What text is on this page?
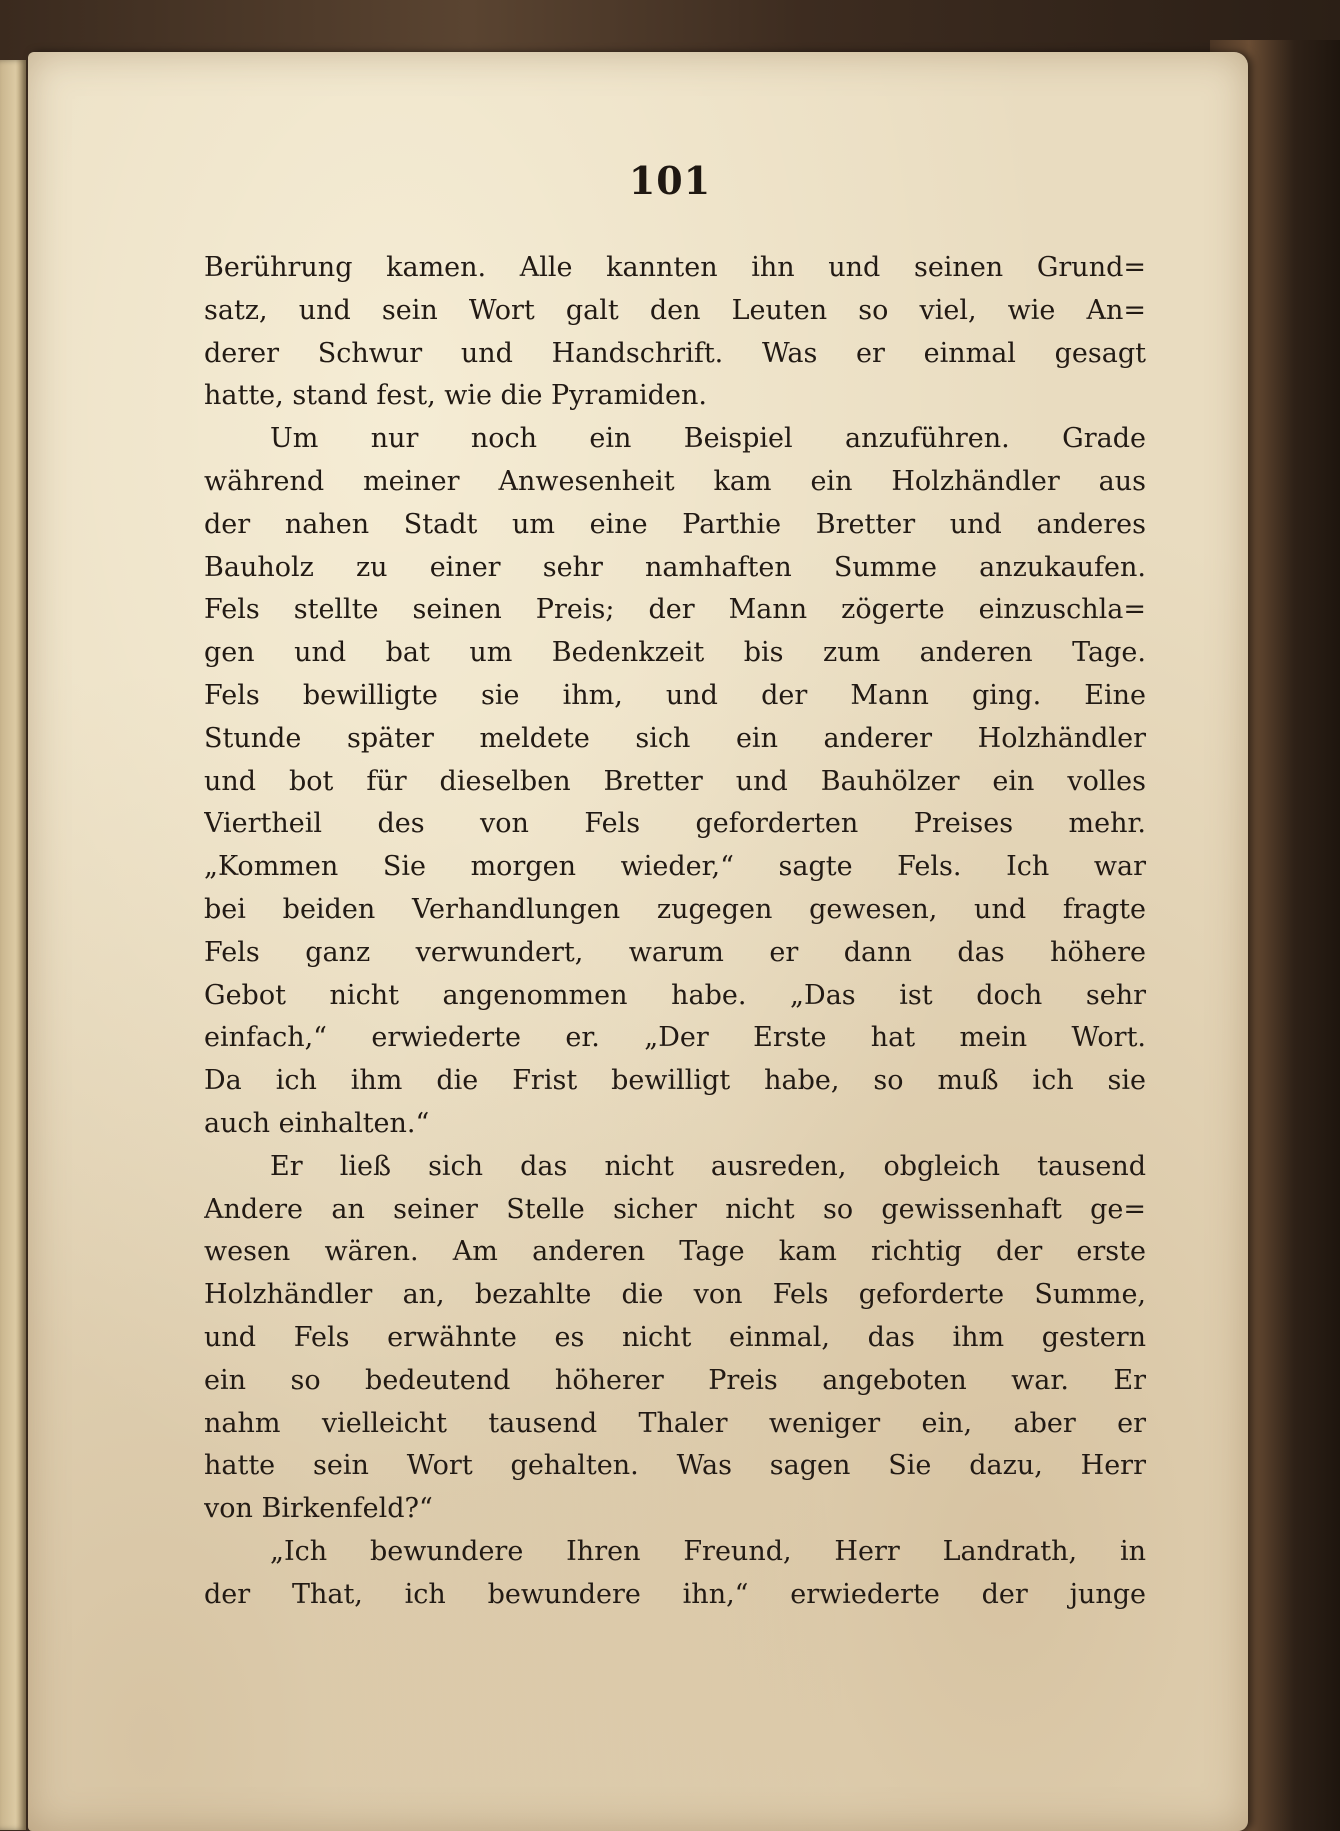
101
Berührung kamen. Alle kannten ihn und seinen Grund=
satz, und sein Wort galt den Leuten so viel, wie An=
derer Schwur und Handschrift. Was er einmal gesagt
hatte, stand fest, wie die Pyramiden.
Um nur noch ein Beispiel anzuführen. Grade
während meiner Anwesenheit kam ein Holzhändler aus
der nahen Stadt um eine Parthie Bretter und anderes
Bauholz zu einer sehr namhaften Summe anzukaufen.
Fels stellte seinen Preis; der Mann zögerte einzuschla=
gen und bat um Bedenkzeit bis zum anderen Tage.
Fels bewilligte sie ihm, und der Mann ging. Eine
Stunde später meldete sich ein anderer Holzhändler
und bot für dieselben Bretter und Bauhölzer ein volles
Viertheil des von Fels geforderten Preises mehr.
„Kommen Sie morgen wieder,“ sagte Fels. Ich war
bei beiden Verhandlungen zugegen gewesen, und fragte
Fels ganz verwundert, warum er dann das höhere
Gebot nicht angenommen habe. „Das ist doch sehr
einfach,“ erwiederte er. „Der Erste hat mein Wort.
Da ich ihm die Frist bewilligt habe, so muß ich sie
auch einhalten.“
Er ließ sich das nicht ausreden, obgleich tausend
Andere an seiner Stelle sicher nicht so gewissenhaft ge=
wesen wären. Am anderen Tage kam richtig der erste
Holzhändler an, bezahlte die von Fels geforderte Summe,
und Fels erwähnte es nicht einmal, das ihm gestern
ein so bedeutend höherer Preis angeboten war. Er
nahm vielleicht tausend Thaler weniger ein, aber er
hatte sein Wort gehalten. Was sagen Sie dazu, Herr
von Birkenfeld?“
„Ich bewundere Ihren Freund, Herr Landrath, in
der That, ich bewundere ihn,“ erwiederte der junge
